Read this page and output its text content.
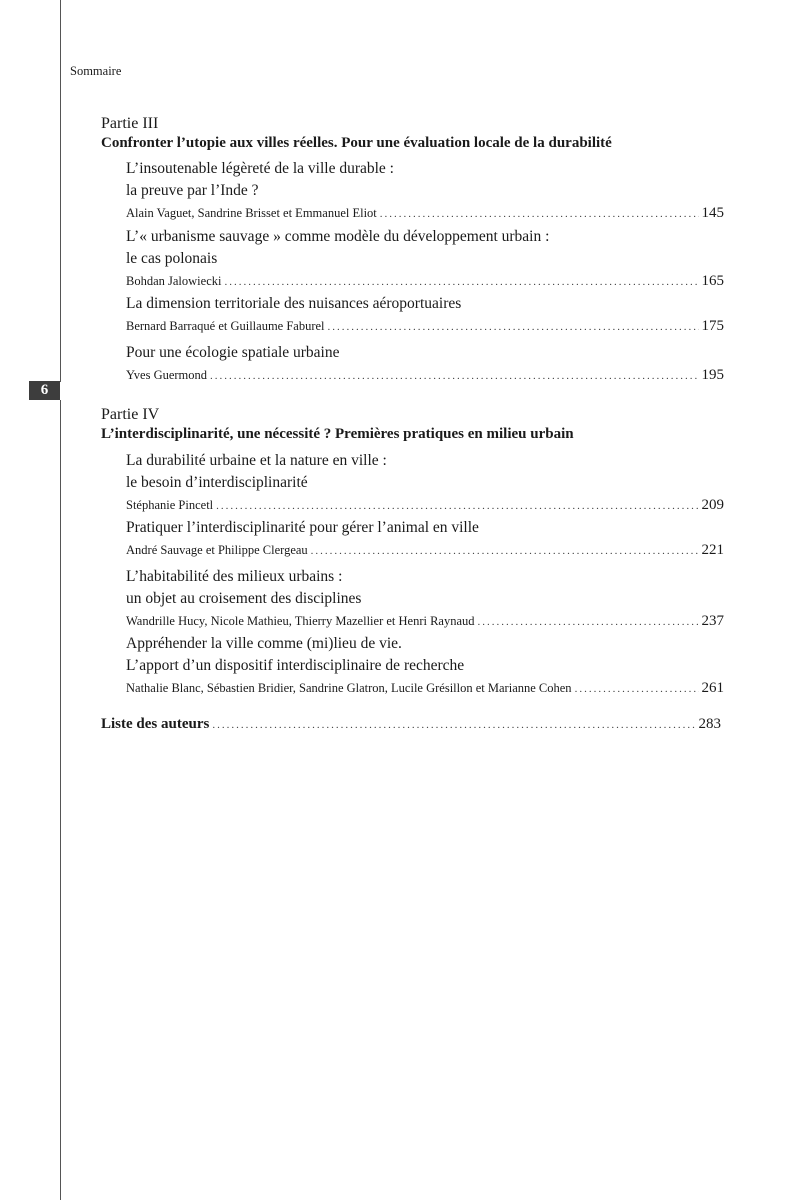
Sommaire
6
Partie III
Confronter l’utopie aux villes réelles. Pour une évaluation locale de la durabilité
L’insoutenable légèreté de la ville durable :
la preuve par l’Inde ?
Alain Vaguet, Sandrine Brisset et Emmanuel Eliot .....	145
L’« urbanisme sauvage » comme modèle du développement urbain :
le cas polonais
Bohdan Jalowiecki .....	165
La dimension territoriale des nuisances aéroportuaires
Bernard Barraqué et Guillaume Faburel .....	175
Pour une écologie spatiale urbaine
Yves Guermond .....	195
Partie IV
L’interdisciplinarité, une nécessité ? Premières pratiques en milieu urbain
La durabilité urbaine et la nature en ville :
le besoin d’interdisciplinarité
Stéphanie Pincetl .....	209
Pratiquer l’interdisciplinarité pour gérer l’animal en ville
André Sauvage et Philippe Clergeau .....	221
L’habitabilité des milieux urbains :
un objet au croisement des disciplines
Wandrille Hucy, Nicole Mathieu, Thierry Mazellier et Henri Raynaud .....	237
Appréhender la ville comme (mi)lieu de vie.
L’apport d’un dispositif interdisciplinaire de recherche
Nathalie Blanc, Sébastien Bridier, Sandrine Glatron, Lucile Grésillon et Marianne Cohen .....	261
Liste des auteurs .....	283
